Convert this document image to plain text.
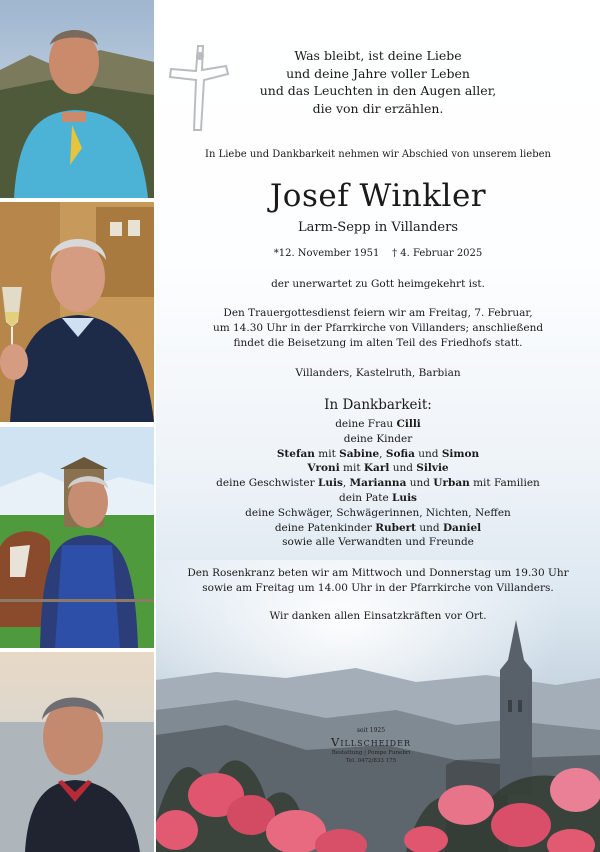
Was bleibt, ist deine Liebe
und deine Jahre voller Leben
und das Leuchten in den Augen aller,
die von dir erzählen.
In Liebe und Dankbarkeit nehmen wir Abschied von unserem lieben
Josef Winkler
Larm-Sepp in Villanders
*12. November 1951    † 4. Februar 2025
der unerwartet zu Gott heimgekehrt ist.
Den Trauergottesdienst feiern wir am Freitag, 7. Februar,
um 14.30 Uhr in der Pfarrkirche von Villanders; anschließend
findet die Beisetzung im alten Teil des Friedhofs statt.
Villanders, Kastelruth, Barbian
In Dankbarkeit:
deine Frau Cilli
deine Kinder
Stefan mit Sabine, Sofia und Simon
Vroni mit Karl und Silvie
deine Geschwister Luis, Marianna und Urban mit Familien
dein Pate Luis
deine Schwäger, Schwägerinnen, Nichten, Neffen
deine Patenkinder Rubert und Daniel
sowie alle Verwandten und Freunde
Den Rosenkranz beten wir am Mittwoch und Donnerstag um 19.30 Uhr
sowie am Freitag um 14.00 Uhr in der Pfarrkirche von Villanders.
Wir danken allen Einsatzkräften vor Ort.
seit 1925
Villscheider
Bestattung | Pompe Funebri
Tel. 0472/833 175
